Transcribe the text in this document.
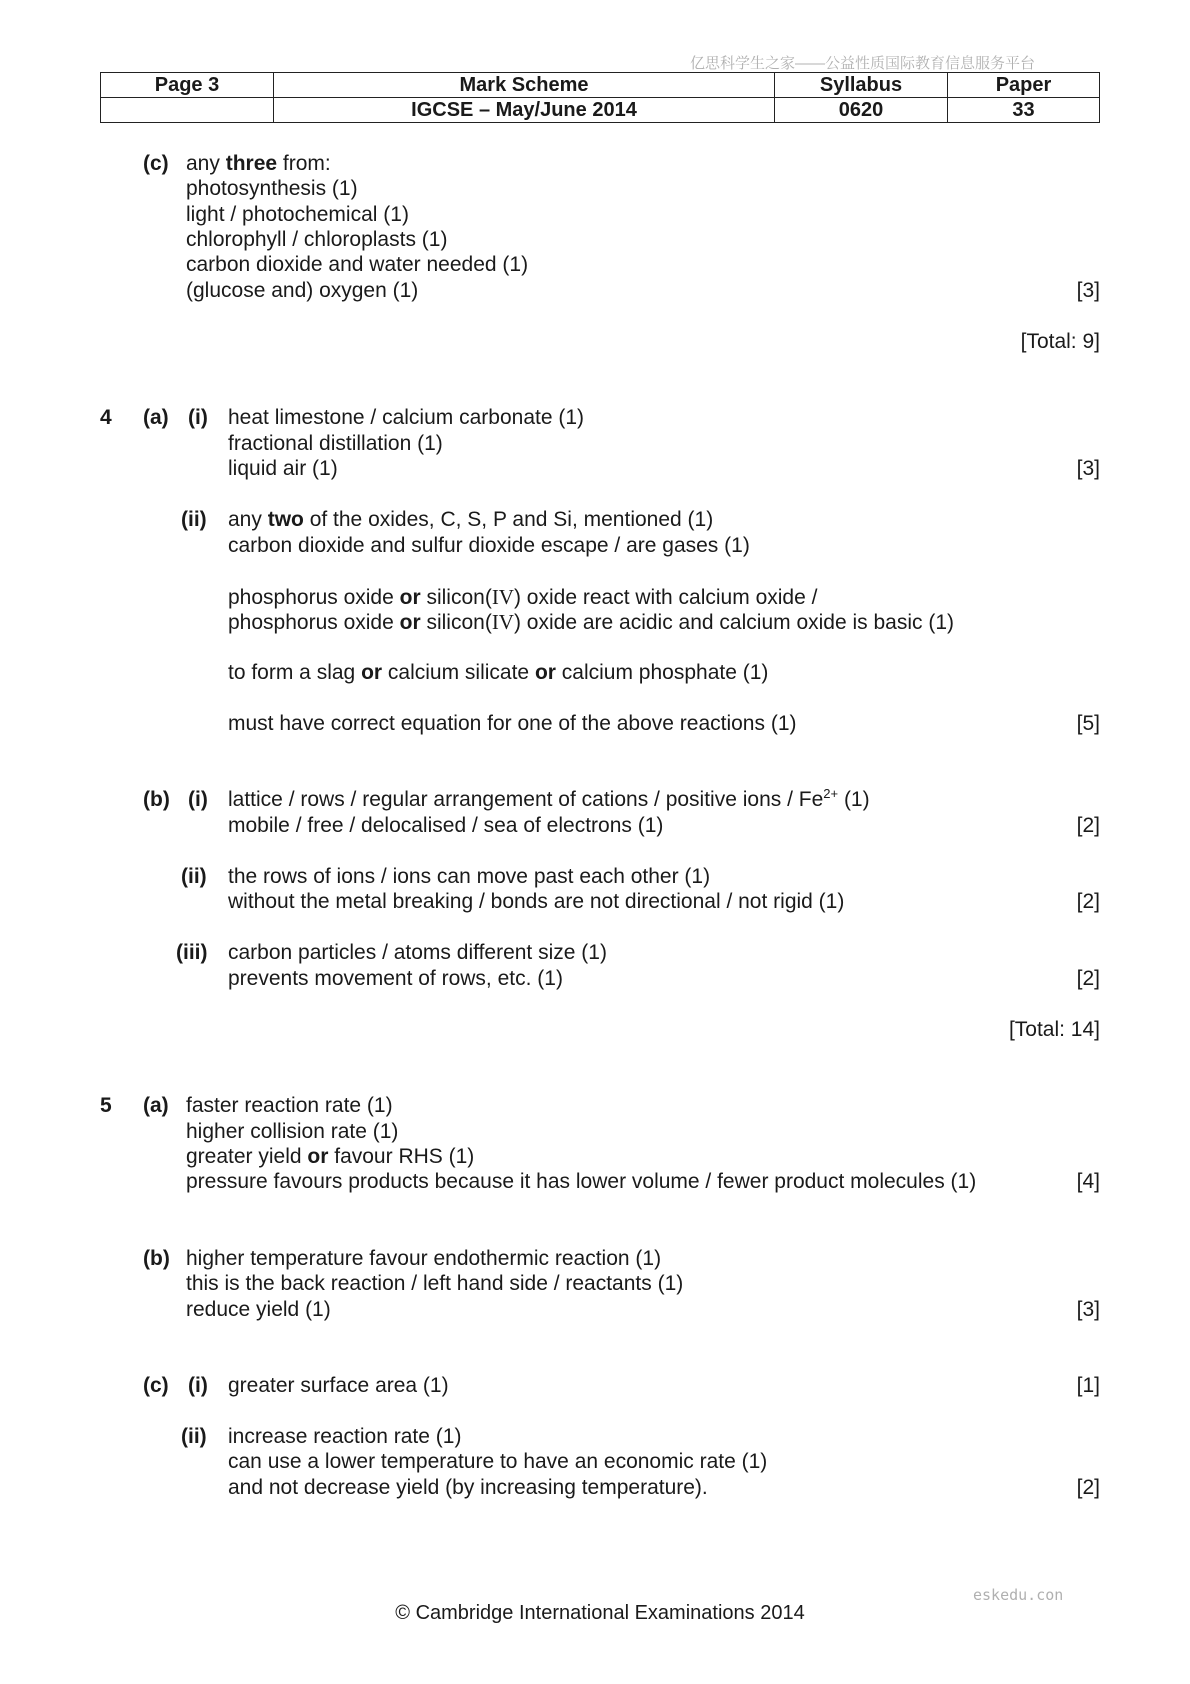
亿思科学生之家——公益性质国际教育信息服务平台
Page 3	Mark Scheme	Syllabus	Paper
	IGCSE – May/June 2014	0620	33
(c) any three from:
photosynthesis (1)
light / photochemical (1)
chlorophyll / chloroplasts (1)
carbon dioxide and water needed (1)
(glucose and) oxygen (1)	[3]
[Total: 9]
4 (a) (i) heat limestone / calcium carbonate (1)
fractional distillation (1)
liquid air (1)	[3]
(ii) any two of the oxides, C, S, P and Si, mentioned (1)
carbon dioxide and sulfur dioxide escape / are gases (1)
phosphorus oxide or silicon(IV) oxide react with calcium oxide /
phosphorus oxide or silicon(IV) oxide are acidic and calcium oxide is basic (1)
to form a slag or calcium silicate or calcium phosphate (1)
must have correct equation for one of the above reactions (1)	[5]
(b) (i) lattice / rows / regular arrangement of cations / positive ions / $Fe^{2+}$ (1)
mobile / free / delocalised / sea of electrons (1)	[2]
(ii) the rows of ions / ions can move past each other (1)
without the metal breaking / bonds are not directional / not rigid (1)	[2]
(iii) carbon particles / atoms different size (1)
prevents movement of rows, etc. (1)	[2]
[Total: 14]
5 (a) faster reaction rate (1)
higher collision rate (1)
greater yield or favour RHS (1)
pressure favours products because it has lower volume / fewer product molecules (1)	[4]
(b) higher temperature favour endothermic reaction (1)
this is the back reaction / left hand side / reactants (1)
reduce yield (1)	[3]
(c) (i) greater surface area (1)	[1]
(ii) increase reaction rate (1)
can use a lower temperature to have an economic rate (1)
and not decrease yield (by increasing temperature).	[2]
eskedu.con
© Cambridge International Examinations 2014
